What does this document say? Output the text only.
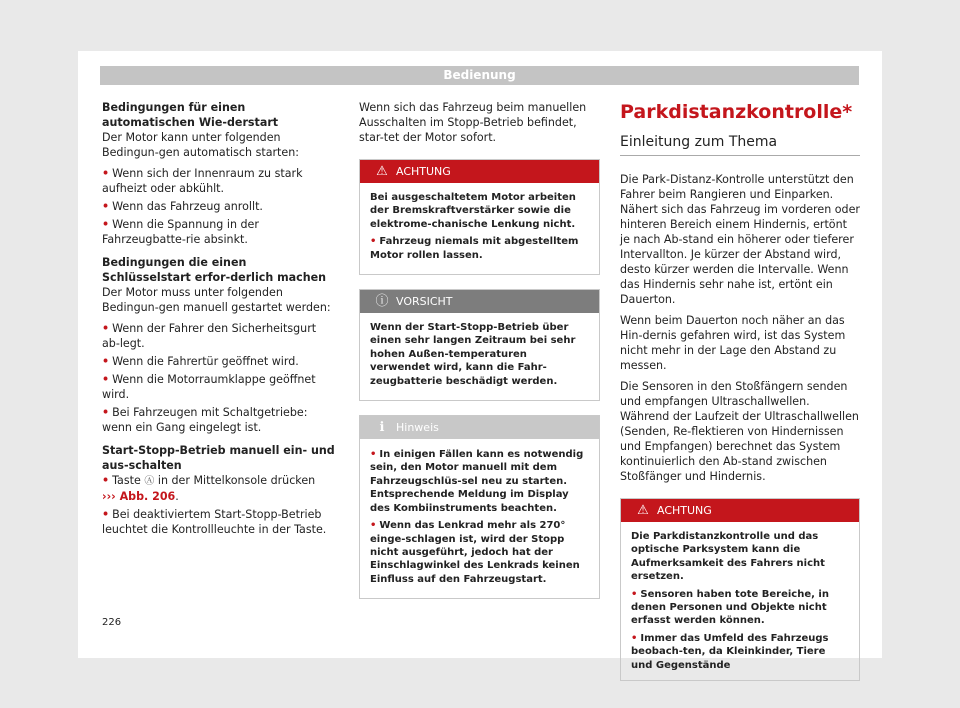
Bedienung

Bedingungen für einen automatischen Wie-derstart

Der Motor kann unter folgenden Bedingun-gen automatisch starten:

• Wenn sich der Innenraum zu stark aufheizt oder abkühlt.
• Wenn das Fahrzeug anrollt.
• Wenn die Spannung in der Fahrzeugbatte-rie absinkt.

Bedingungen die einen Schlüsselstart erfor-derlich machen

Der Motor muss unter folgenden Bedingun-gen manuell gestartet werden:

• Wenn der Fahrer den Sicherheitsgurt ab-legt.
• Wenn die Fahrertür geöffnet wird.
• Wenn die Motorraumklappe geöffnet wird.
• Bei Fahrzeugen mit Schaltgetriebe: wenn ein Gang eingelegt ist.

Start-Stopp-Betrieb manuell ein- und aus-schalten

• Taste Ⓐ in der Mittelkonsole drücken
››› Abb. 206.
• Bei deaktiviertem Start-Stopp-Betrieb leuchtet die Kontrollleuchte in der Taste.

Wenn sich das Fahrzeug beim manuellen Ausschalten im Stopp-Betrieb befindet, star-tet der Motor sofort.

⚠ ACHTUNG

Bei ausgeschaltetem Motor arbeiten der Bremskraftverstärker sowie die elektrome-chanische Lenkung nicht.

• Fahrzeug niemals mit abgestelltem Motor rollen lassen.

ⓘ VORSICHT

Wenn der Start-Stopp-Betrieb über einen sehr langen Zeitraum bei sehr hohen Außen-temperaturen verwendet wird, kann die Fahr-zeugbatterie beschädigt werden.

ℹ	Hinweis

• In einigen Fällen kann es notwendig sein, den Motor manuell mit dem Fahrzeugschlüs-sel neu zu starten. Entsprechende Meldung im Display des Kombiinstruments beachten.

• Wenn das Lenkrad mehr als 270° einge-schlagen ist, wird der Stopp nicht ausgeführt, jedoch hat der Einschlagwinkel des Lenkrads keinen Einfluss auf den Fahrzeugstart.

Parkdistanzkontrolle*
Einleitung zum Thema

Die Park-Distanz-Kontrolle unterstützt den Fahrer beim Rangieren und Einparken. Nähert sich das Fahrzeug im vorderen oder hinteren Bereich einem Hindernis, ertönt je nach Ab-stand ein höherer oder tieferer Intervallton. Je kürzer der Abstand wird, desto kürzer werden die Intervalle. Wenn das Hindernis sehr nahe ist, ertönt ein Dauerton.

Wenn beim Dauerton noch näher an das Hin-dernis gefahren wird, ist das System nicht mehr in der Lage den Abstand zu messen.

Die Sensoren in den Stoßfängern senden und empfangen Ultraschallwellen. Während der Laufzeit der Ultraschallwellen (Senden, Re-flektieren von Hindernissen und Empfangen) berechnet das System kontinuierlich den Ab-stand zwischen Stoßfänger und Hindernis.

⚠ ACHTUNG

Die Parkdistanzkontrolle und das optische Parksystem kann die Aufmerksamkeit des Fahrers nicht ersetzen.

• Sensoren haben tote Bereiche, in denen Personen und Objekte nicht erfasst werden können.

• Immer das Umfeld des Fahrzeugs beobach-ten, da Kleinkinder, Tiere und Gegenstände

226
